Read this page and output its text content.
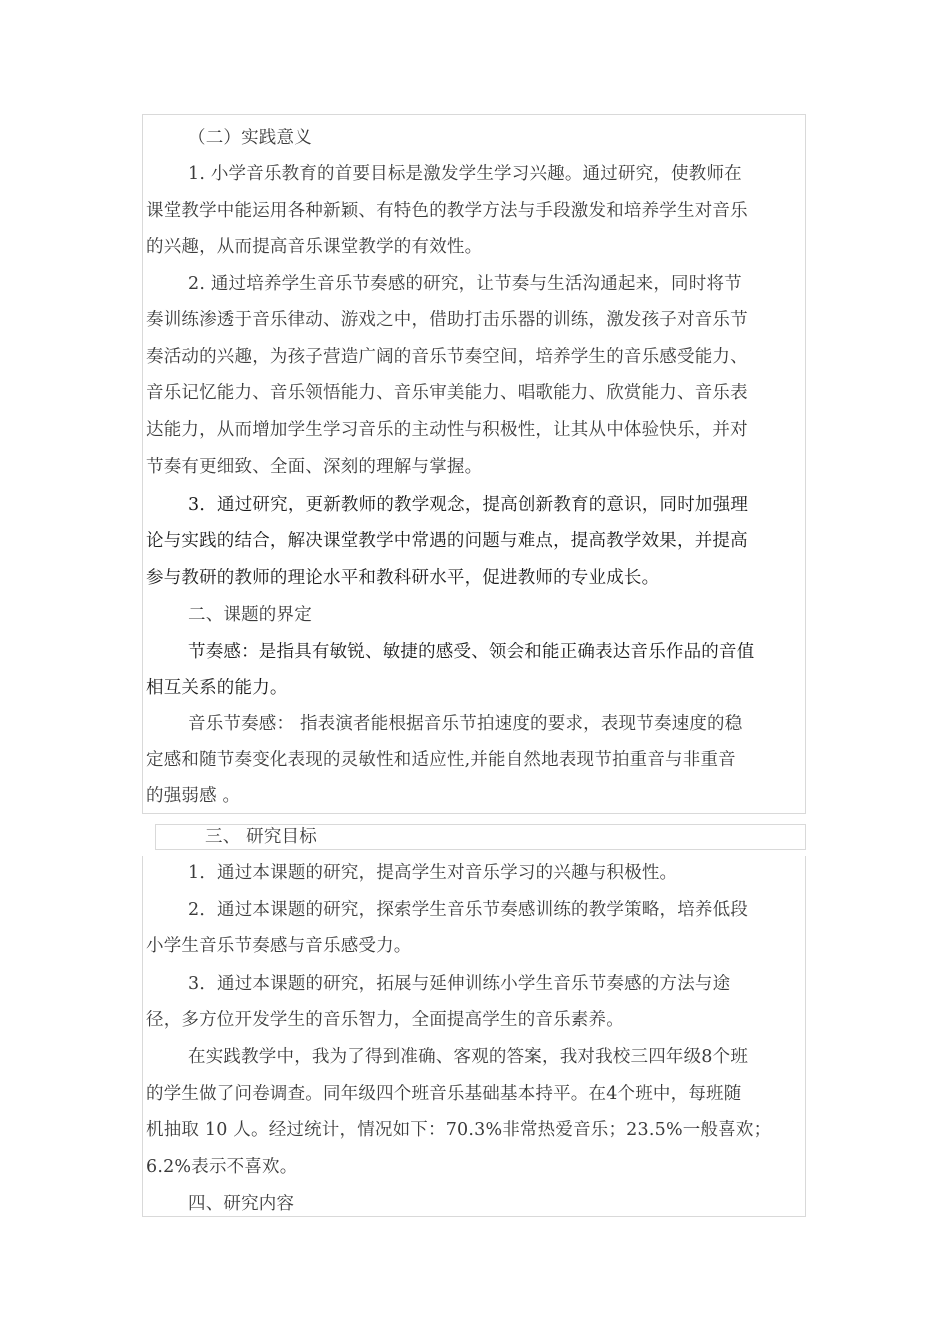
（二）实践意义
1. 小学音乐教育的首要目标是激发学生学习兴趣。通过研究，使教师在
课堂教学中能运用各种新颖、有特色的教学方法与手段激发和培养学生对音乐
的兴趣，从而提高音乐课堂教学的有效性。
2. 通过培养学生音乐节奏感的研究，让节奏与生活沟通起来，同时将节
奏训练渗透于音乐律动、游戏之中，借助打击乐器的训练，激发孩子对音乐节
奏活动的兴趣，为孩子营造广阔的音乐节奏空间，培养学生的音乐感受能力、
音乐记忆能力、音乐领悟能力、音乐审美能力、唱歌能力、欣赏能力、音乐表
达能力，从而增加学生学习音乐的主动性与积极性，让其从中体验快乐，并对
节奏有更细致、全面、深刻的理解与掌握。
3．通过研究，更新教师的教学观念，提高创新教育的意识，同时加强理
论与实践的结合，解决课堂教学中常遇的问题与难点，提高教学效果，并提高
参与教研的教师的理论水平和教科研水平，促进教师的专业成长。
二、课题的界定
节奏感：是指具有敏锐、敏捷的感受、领会和能正确表达音乐作品的音值
相互关系的能力。
音乐节奏感： 指表演者能根据音乐节拍速度的要求，表现节奏速度的稳
定感和随节奏变化表现的灵敏性和适应性,并能自然地表现节拍重音与非重音
的强弱感 。
三、 研究目标
1．通过本课题的研究，提高学生对音乐学习的兴趣与积极性。
2．通过本课题的研究，探索学生音乐节奏感训练的教学策略，培养低段
小学生音乐节奏感与音乐感受力。
3．通过本课题的研究，拓展与延伸训练小学生音乐节奏感的方法与途
径，多方位开发学生的音乐智力，全面提高学生的音乐素养。
在实践教学中，我为了得到准确、客观的答案，我对我校三四年级8个班
的学生做了问卷调查。同年级四个班音乐基础基本持平。在4个班中，每班随
机抽取 10 人。经过统计，情况如下：70.3%非常热爱音乐；23.5%一般喜欢；
6.2%表示不喜欢。
四、研究内容
